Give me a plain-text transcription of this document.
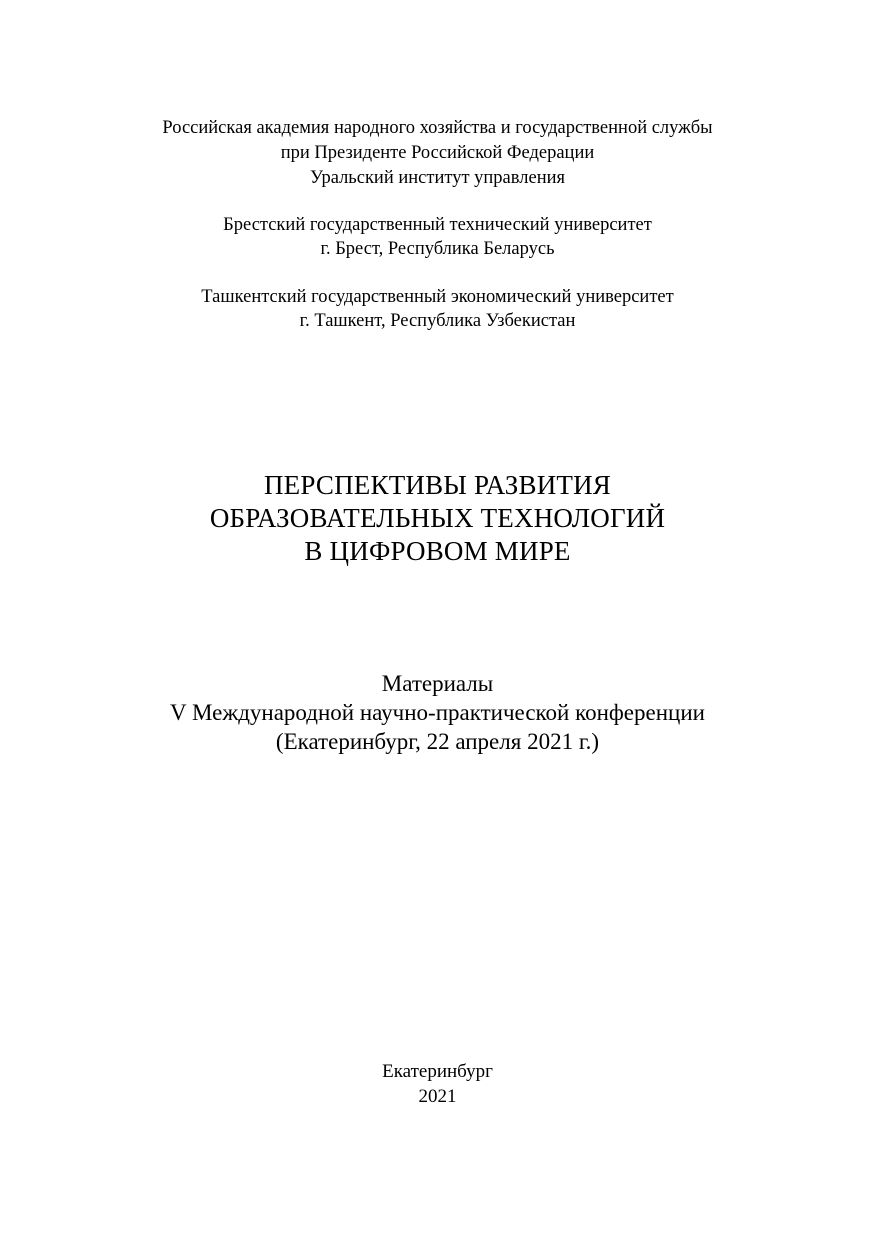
Российская академия народного хозяйства и государственной службы
при Президенте Российской Федерации
Уральский институт управления
Брестский государственный технический университет
г. Брест, Республика Беларусь
Ташкентский государственный экономический университет
г. Ташкент, Республика Узбекистан
ПЕРСПЕКТИВЫ РАЗВИТИЯ
ОБРАЗОВАТЕЛЬНЫХ ТЕХНОЛОГИЙ
В ЦИФРОВОМ МИРЕ
Материалы
V Международной научно-практической конференции
(Екатеринбург, 22 апреля 2021 г.)
Екатеринбург
2021
